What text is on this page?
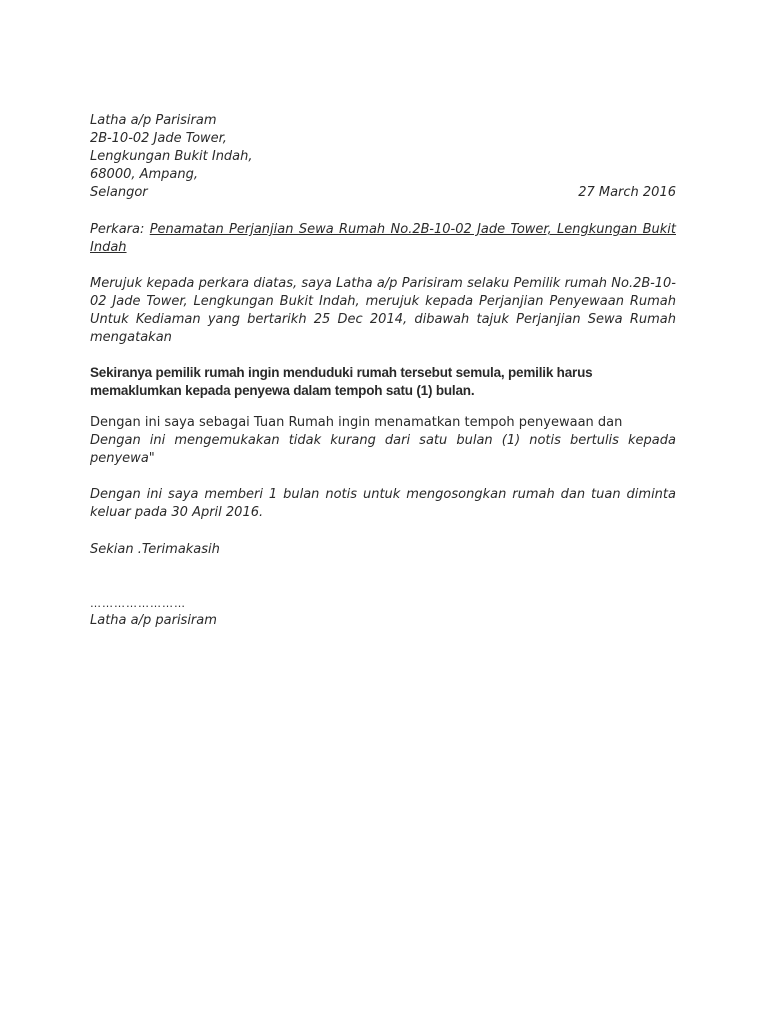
Latha a/p Parisiram
2B-10-02 Jade Tower,
Lengkungan Bukit Indah,
68000, Ampang,
Selangor	27 March 2016
Perkara: Penamatan Perjanjian Sewa Rumah No.2B-10-02 Jade Tower, Lengkungan Bukit Indah
Merujuk kepada perkara diatas, saya Latha a/p Parisiram selaku Pemilik rumah No.2B-10-02 Jade Tower, Lengkungan Bukit Indah, merujuk kepada Perjanjian Penyewaan Rumah Untuk Kediaman yang bertarikh 25 Dec 2014, dibawah tajuk Perjanjian Sewa Rumah mengatakan
Sekiranya pemilik rumah ingin menduduki rumah tersebut semula, pemilik harus memaklumkan kepada penyewa dalam tempoh satu (1) bulan.
Dengan ini saya sebagai Tuan Rumah ingin menamatkan tempoh penyewaan dan
Dengan ini mengemukakan tidak kurang dari satu bulan (1) notis bertulis kepada penyewa"
Dengan ini saya memberi 1 bulan notis untuk mengosongkan rumah dan tuan diminta keluar pada 30 April 2016.
Sekian .Terimakasih
……………………
Latha a/p parisiram
